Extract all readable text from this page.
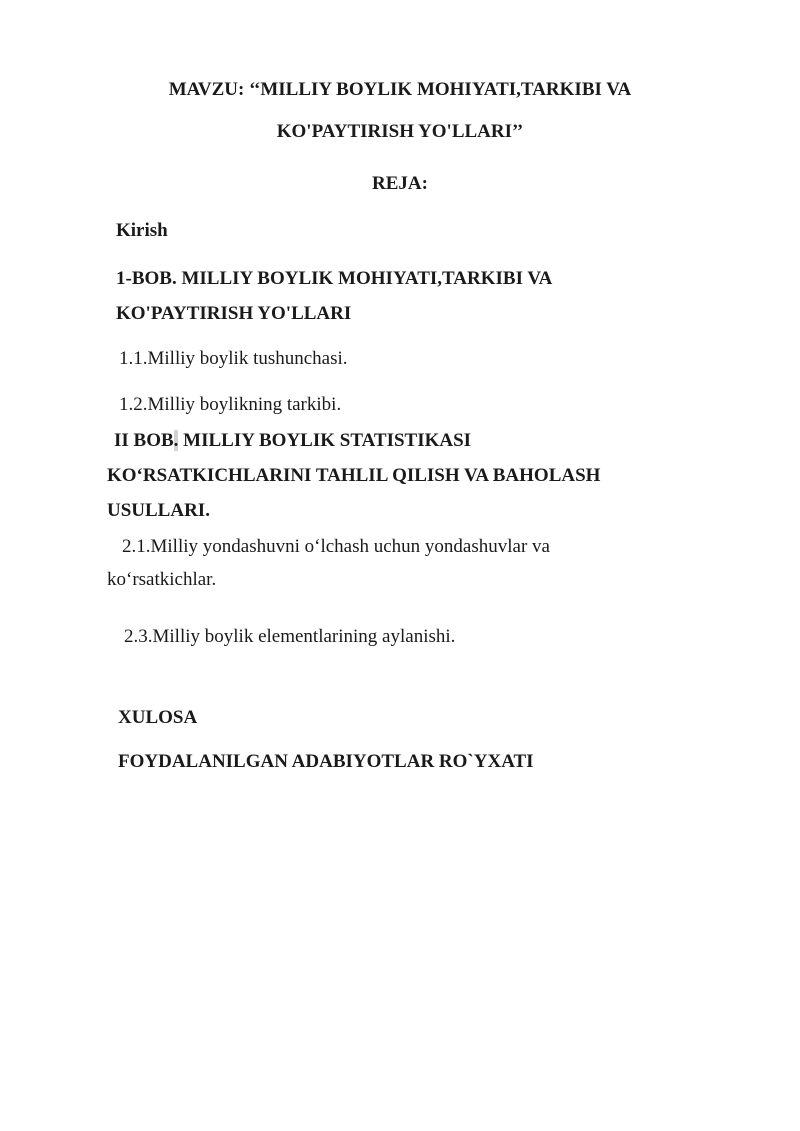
MAVZU: ‘‘MILLIY BOYLIK MOHIYATI,TARKIBI VA
KO'PAYTIRISH YO'LLARI’’
REJA:
Kirish
1-BOB. MILLIY BOYLIK MOHIYATI,TARKIBI VA
KO'PAYTIRISH YO'LLARI
1.1.Milliy boylik tushunchasi.
1.2.Milliy boylikning tarkibi.
II BOB. MILLIY BOYLIK STATISTIKASI
KO‘RSATKICHLARINI TAHLIL QILISH VA BAHOLASH
USULLARI.
2.1.Milliy yondashuvni o‘lchash uchun yondashuvlar va
ko‘rsatkichlar.
2.3.Milliy boylik elementlarining aylanishi.
XULOSA
FOYDALANILGAN ADABIYOTLAR RO`YXATI
